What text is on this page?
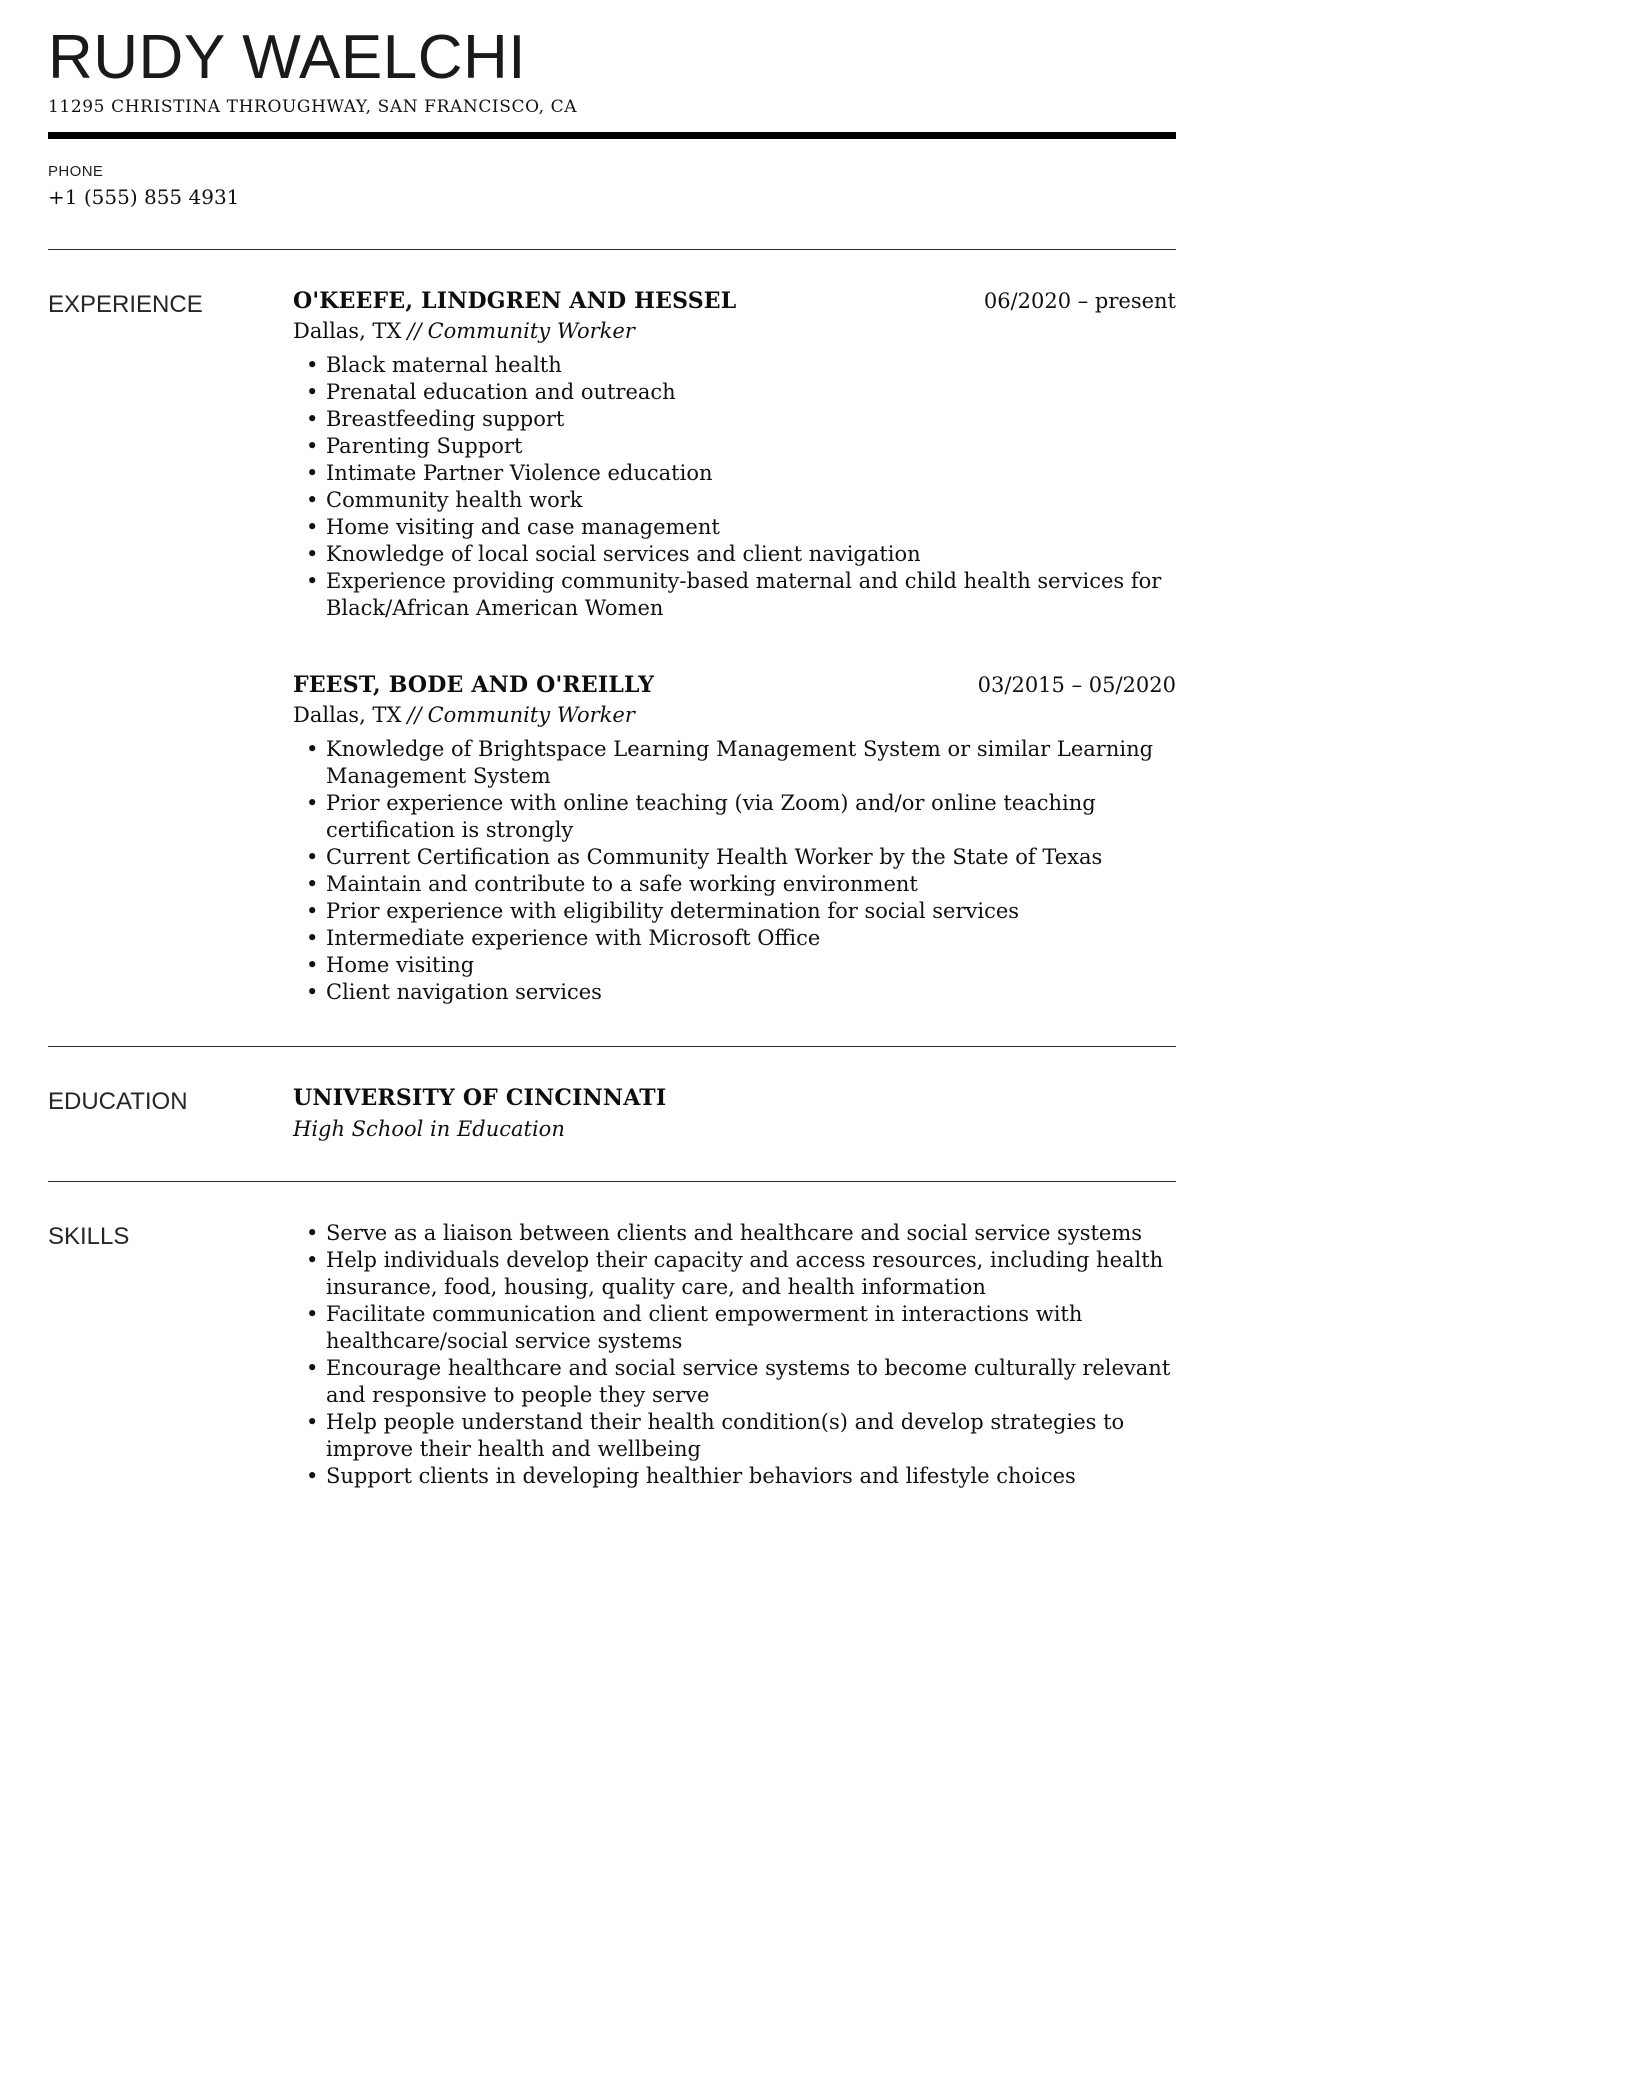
RUDY WAELCHI
11295 CHRISTINA THROUGHWAY, SAN FRANCISCO, CA
PHONE
+1 (555) 855 4931
EXPERIENCE	O'KEEFE, LINDGREN AND HESSEL	06/2020 – present
Dallas, TX // Community Worker
• Black maternal health
• Prenatal education and outreach
• Breastfeeding support
• Parenting Support
• Intimate Partner Violence education
• Community health work
• Home visiting and case management
• Knowledge of local social services and client navigation
• Experience providing community-based maternal and child health services for Black/African American Women
FEEST, BODE AND O'REILLY	03/2015 – 05/2020
Dallas, TX // Community Worker
• Knowledge of Brightspace Learning Management System or similar Learning Management System
• Prior experience with online teaching (via Zoom) and/or online teaching certification is strongly
• Current Certification as Community Health Worker by the State of Texas
• Maintain and contribute to a safe working environment
• Prior experience with eligibility determination for social services
• Intermediate experience with Microsoft Office
• Home visiting
• Client navigation services
EDUCATION	UNIVERSITY OF CINCINNATI
High School in Education
SKILLS	• Serve as a liaison between clients and healthcare and social service systems
• Help individuals develop their capacity and access resources, including health insurance, food, housing, quality care, and health information
• Facilitate communication and client empowerment in interactions with healthcare/social service systems
• Encourage healthcare and social service systems to become culturally relevant and responsive to people they serve
• Help people understand their health condition(s) and develop strategies to improve their health and wellbeing
• Support clients in developing healthier behaviors and lifestyle choices
